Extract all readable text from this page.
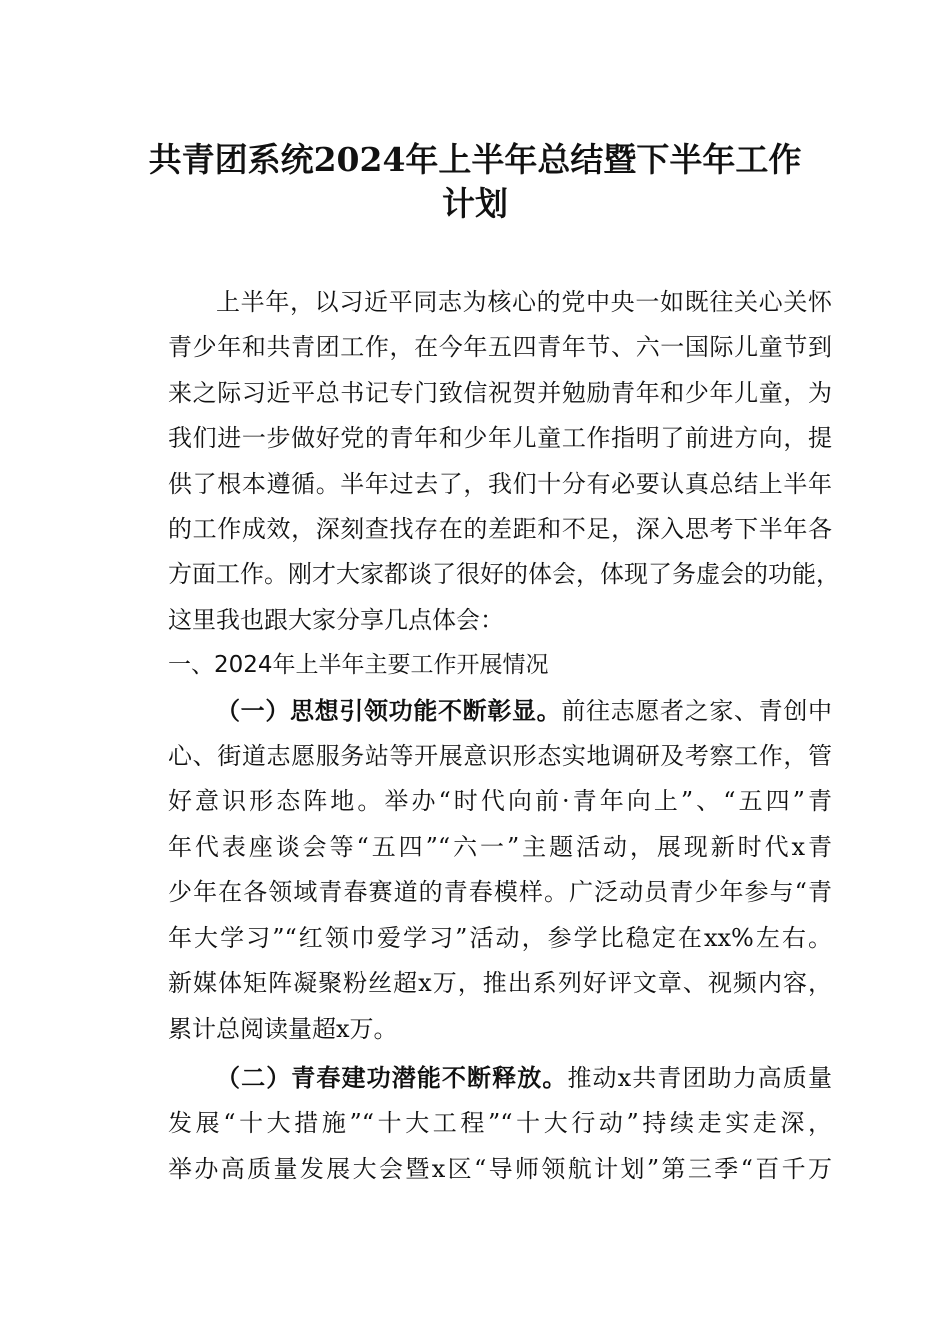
共青团系统2024年上半年总结暨下半年工作
计划
上半年，以习近平同志为核心的党中央一如既往关心关怀
青少年和共青团工作，在今年五四青年节、六一国际儿童节到
来之际习近平总书记专门致信祝贺并勉励青年和少年儿童，为
我们进一步做好党的青年和少年儿童工作指明了前进方向，提
供了根本遵循。半年过去了，我们十分有必要认真总结上半年
的工作成效，深刻查找存在的差距和不足，深入思考下半年各
方面工作。刚才大家都谈了很好的体会，体现了务虚会的功能，
这里我也跟大家分享几点体会：
一、2024年上半年主要工作开展情况
（一）思想引领功能不断彰显。前往志愿者之家、青创中
心、街道志愿服务站等开展意识形态实地调研及考察工作，管
好意识形态阵地。举办“时代向前·青年向上”、“五四”青
年代表座谈会等“五四”“六一”主题活动，展现新时代x青
少年在各领域青春赛道的青春模样。广泛动员青少年参与“青
年大学习”“红领巾爱学习”活动，参学比稳定在xx%左右。
新媒体矩阵凝聚粉丝超x万，推出系列好评文章、视频内容，
累计总阅读量超x万。
（二）青春建功潜能不断释放。推动x共青团助力高质量
发展“十大措施”“十大工程”“十大行动”持续走实走深，
举办高质量发展大会暨x区“导师领航计划”第三季“百千万
